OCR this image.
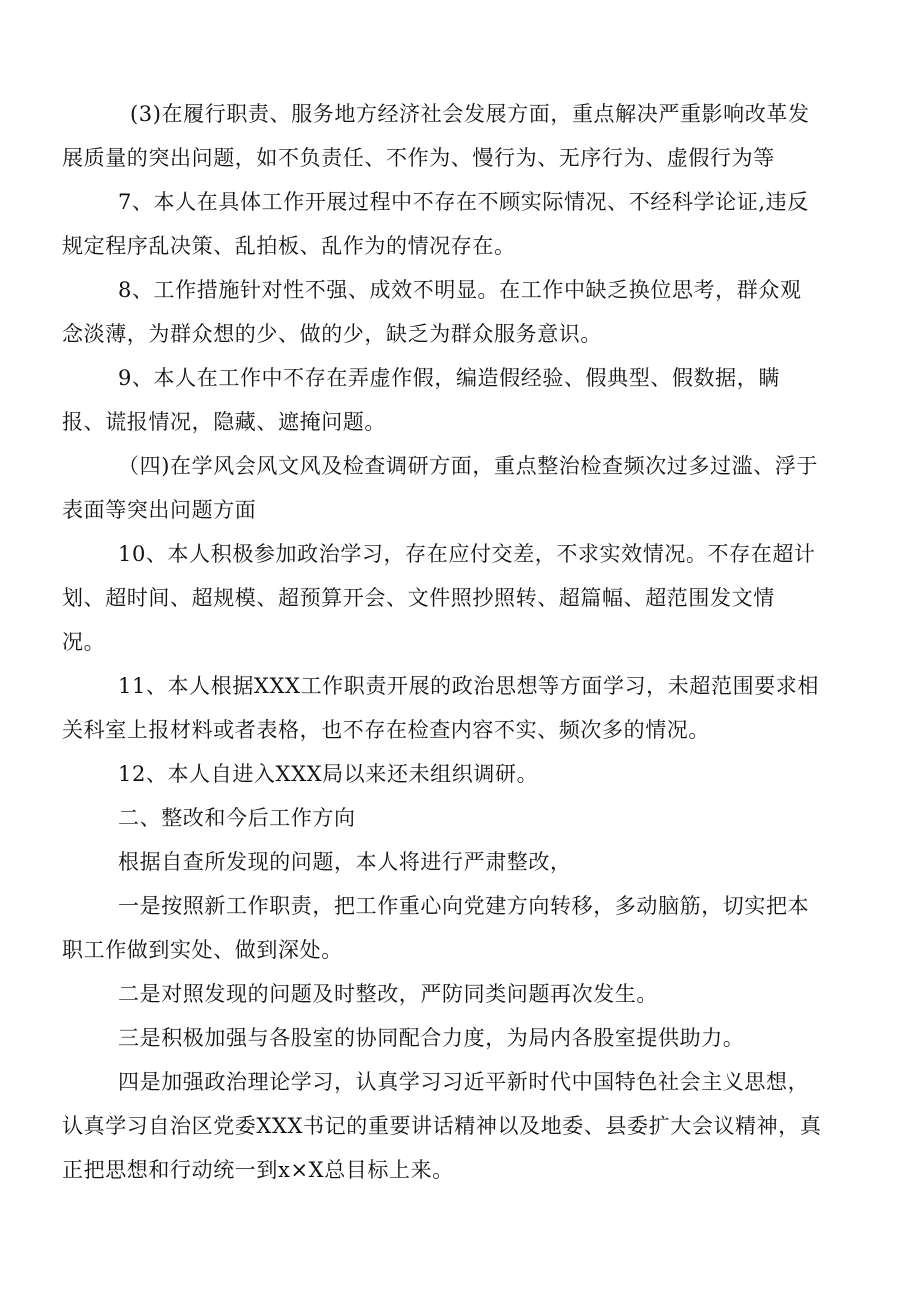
(3)在履行职责、服务地方经济社会发展方面，重点解决严重影响改革发
展质量的突出问题，如不负责任、不作为、慢行为、无序行为、虚假行为等
7、本人在具体工作开展过程中不存在不顾实际情况、不经科学论证,违反
规定程序乱决策、乱拍板、乱作为的情况存在。
8、工作措施针对性不强、成效不明显。在工作中缺乏换位思考，群众观
念淡薄，为群众想的少、做的少，缺乏为群众服务意识。
9、本人在工作中不存在弄虚作假，编造假经验、假典型、假数据，瞒
报、谎报情况，隐藏、遮掩问题。
（四)在学风会风文风及检查调研方面，重点整治检查频次过多过滥、浮于
表面等突出问题方面
10、本人积极参加政治学习，存在应付交差，不求实效情况。不存在超计
划、超时间、超规模、超预算开会、文件照抄照转、超篇幅、超范围发文情
况。
11、本人根据XXX工作职责开展的政治思想等方面学习，未超范围要求相
关科室上报材料或者表格，也不存在检查内容不实、频次多的情况。
12、本人自进入XXX局以来还未组织调研。
二、整改和今后工作方向
根据自查所发现的问题，本人将进行严肃整改，
一是按照新工作职责，把工作重心向党建方向转移，多动脑筋，切实把本
职工作做到实处、做到深处。
二是对照发现的问题及时整改，严防同类问题再次发生。
三是积极加强与各股室的协同配合力度，为局内各股室提供助力。
四是加强政治理论学习，认真学习习近平新时代中国特色社会主义思想，
认真学习自治区党委XXX书记的重要讲话精神以及地委、县委扩大会议精神，真
正把思想和行动统一到x×X总目标上来。
